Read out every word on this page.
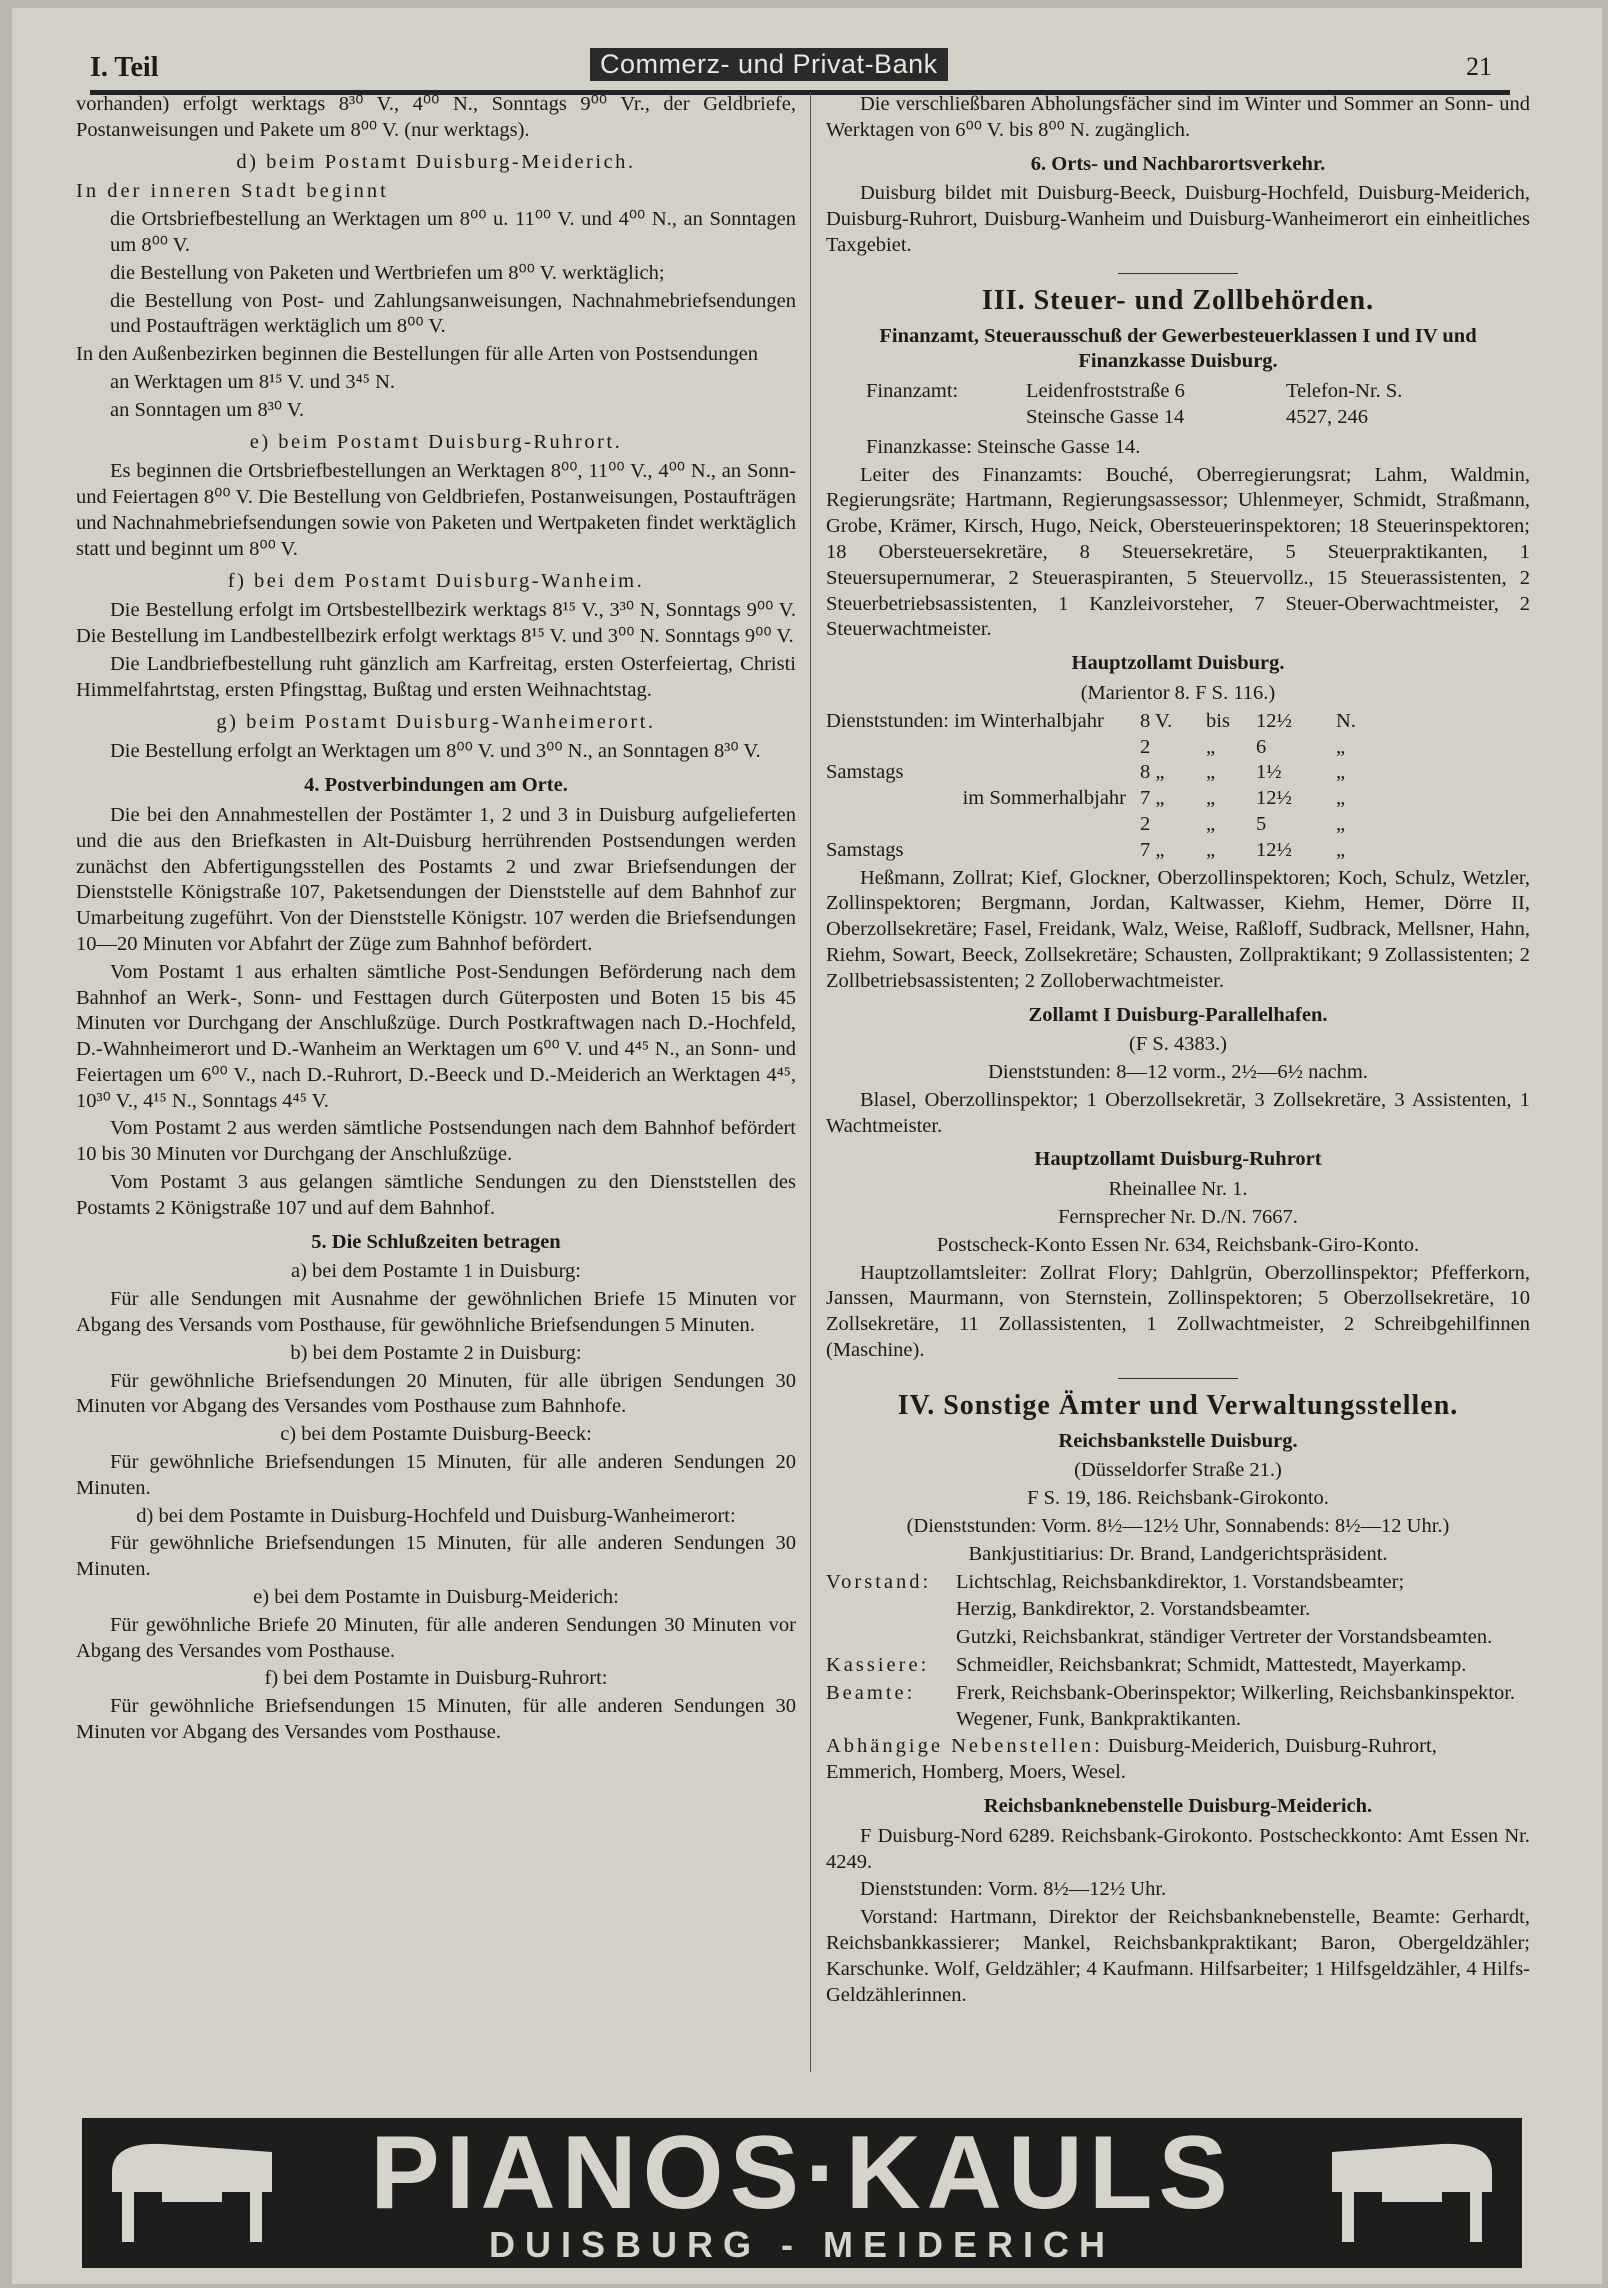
I. Teil	Commerz- und Privat-Bank	21

vorhanden) erfolgt werktags 8³⁰ V., 4⁰⁰ N., Sonntags 9⁰⁰ Vr., der Geldbriefe, Postanweisungen und Pakete um 8⁰⁰ V. (nur werktags).

d) beim Postamt Duisburg-Meiderich.

In der inneren Stadt beginnt

die Ortsbriefbestellung an Werktagen um 8⁰⁰ u. 11⁰⁰ V. und 4⁰⁰ N., an Sonntagen um 8⁰⁰ V.

die Bestellung von Paketen und Wertbriefen um 8⁰⁰ V. werktäglich;

die Bestellung von Post- und Zahlungsanweisungen, Nachnahmebriefsendungen und Postaufträgen werktäglich um 8⁰⁰ V.

In den Außenbezirken beginnen die Bestellungen für alle Arten von Postsendungen

an Werktagen um 8¹⁵ V. und 3⁴⁵ N.

an Sonntagen um 8³⁰ V.

e) beim Postamt Duisburg-Ruhrort.

Es beginnen die Ortsbriefbestellungen an Werktagen 8⁰⁰, 11⁰⁰ V., 4⁰⁰ N., an Sonn- und Feiertagen 8⁰⁰ V. Die Bestellung von Geldbriefen, Postanweisungen, Postaufträgen und Nachnahmebriefsendungen sowie von Paketen und Wertpaketen findet werktäglich statt und beginnt um 8⁰⁰ V.

f) bei dem Postamt Duisburg-Wanheim.

Die Bestellung erfolgt im Ortsbestellbezirk werktags 8¹⁵ V., 3³⁰ N, Sonntags 9⁰⁰ V. Die Bestellung im Landbestellbezirk erfolgt werktags 8¹⁵ V. und 3⁰⁰ N. Sonntags 9⁰⁰ V.

Die Landbriefbestellung ruht gänzlich am Karfreitag, ersten Osterfeiertag, Christi Himmelfahrtstag, ersten Pfingsttag, Bußtag und ersten Weihnachtstag.

g) beim Postamt Duisburg-Wanheimerort.

Die Bestellung erfolgt an Werktagen um 8⁰⁰ V. und 3⁰⁰ N., an Sonntagen 8³⁰ V.

4. Postverbindungen am Orte.

Die bei den Annahmestellen der Postämter 1, 2 und 3 in Duisburg aufgelieferten und die aus den Briefkasten in Alt-Duisburg herrührenden Postsendungen werden zunächst den Abfertigungsstellen des Postamts 2 und zwar Briefsendungen der Dienststelle Königstraße 107, Paketsendungen der Dienststelle auf dem Bahnhof zur Umarbeitung zugeführt. Von der Dienststelle Königstr. 107 werden die Briefsendungen 10—20 Minuten vor Abfahrt der Züge zum Bahnhof befördert.

Vom Postamt 1 aus erhalten sämtliche Post-Sendungen Beförderung nach dem Bahnhof an Werk-, Sonn- und Festtagen durch Güterposten und Boten 15 bis 45 Minuten vor Durchgang der Anschlußzüge. Durch Postkraftwagen nach D.-Hochfeld, D.-Wahnheimerort und D.-Wanheim an Werktagen um 6⁰⁰ V. und 4⁴⁵ N., an Sonn- und Feiertagen um 6⁰⁰ V., nach D.-Ruhrort, D.-Beeck und D.-Meiderich an Werktagen 4⁴⁵, 10³⁰ V., 4¹⁵ N., Sonntags 4⁴⁵ V.

Vom Postamt 2 aus werden sämtliche Postsendungen nach dem Bahnhof befördert 10 bis 30 Minuten vor Durchgang der Anschlußzüge.

Vom Postamt 3 aus gelangen sämtliche Sendungen zu den Dienststellen des Postamts 2 Königstraße 107 und auf dem Bahnhof.

5. Die Schlußzeiten betragen

a) bei dem Postamte 1 in Duisburg:

Für alle Sendungen mit Ausnahme der gewöhnlichen Briefe 15 Minuten vor Abgang des Versands vom Posthause, für gewöhnliche Briefsendungen 5 Minuten.

b) bei dem Postamte 2 in Duisburg:

Für gewöhnliche Briefsendungen 20 Minuten, für alle übrigen Sendungen 30 Minuten vor Abgang des Versandes vom Posthause zum Bahnhofe.

c) bei dem Postamte Duisburg-Beeck:

Für gewöhnliche Briefsendungen 15 Minuten, für alle anderen Sendungen 20 Minuten.

d) bei dem Postamte in Duisburg-Hochfeld und Duisburg-Wanheimerort:

Für gewöhnliche Briefsendungen 15 Minuten, für alle anderen Sendungen 30 Minuten.

e) bei dem Postamte in Duisburg-Meiderich:

Für gewöhnliche Briefe 20 Minuten, für alle anderen Sendungen 30 Minuten vor Abgang des Versandes vom Posthause.

f) bei dem Postamte in Duisburg-Ruhrort:

Für gewöhnliche Briefsendungen 15 Minuten, für alle anderen Sendungen 30 Minuten vor Abgang des Versandes vom Posthause.

Die verschließbaren Abholungsfächer sind im Winter und Sommer an Sonn- und Werktagen von 6⁰⁰ V. bis 8⁰⁰ N. zugänglich.

6. Orts- und Nachbarortsverkehr.

Duisburg bildet mit Duisburg-Beeck, Duisburg-Hochfeld, Duisburg-Meiderich, Duisburg-Ruhrort, Duisburg-Wanheim und Duisburg-Wanheimerort ein einheitliches Taxgebiet.

III. Steuer- und Zollbehörden.

Finanzamt, Steuerausschuß der Gewerbesteuerklassen I und IV und Finanzkasse Duisburg.

Finanzamt:	Leidenfroststraße 6	Telefon-Nr. S.
Steinsche Gasse 14	4527, 246

Finanzkasse: Steinsche Gasse 14.

Leiter des Finanzamts: Bouché, Oberregierungsrat; Lahm, Waldmin, Regierungsräte; Hartmann, Regierungsassessor; Uhlenmeyer, Schmidt, Straßmann, Grobe, Krämer, Kirsch, Hugo, Neick, Obersteuerinspektoren; 18 Steuerinspektoren; 18 Obersteuersekretäre, 8 Steuersekretäre, 5 Steuerpraktikanten, 1 Steuersupernumerar, 2 Steueraspiranten, 5 Steuervollz., 15 Steuerassistenten, 2 Steuerbetriebsassistenten, 1 Kanzleivorsteher, 7 Steuer-Oberwachtmeister, 2 Steuerwachtmeister.

Hauptzollamt Duisburg.

(Marientor 8. F S. 116.)

Dienststunden: im Winterhalbjahr	8 V.	bis	12½	N.
2	„	6	„
Samstags	8 „	„	1½	„
im Sommerhalbjahr 7 „	„	12½	„
2	„	5	„
Samstags	7 „	„	12½	„

Heßmann, Zollrat; Kief, Glockner, Oberzollinspektoren; Koch, Schulz, Wetzler, Zollinspektoren; Bergmann, Jordan, Kaltwasser, Kiehm, Hemer, Dörre II, Oberzollsekretäre; Fasel, Freidank, Walz, Weise, Raßloff, Sudbrack, Mellsner, Hahn, Riehm, Sowart, Beeck, Zollsekretäre; Schausten, Zollpraktikant; 9 Zollassistenten; 2 Zollbetriebsassistenten; 2 Zolloberwachtmeister.

Zollamt I Duisburg-Parallelhafen.

(F S. 4383.)

Dienststunden: 8—12 vorm., 2½—6½ nachm.

Blasel, Oberzollinspektor; 1 Oberzollsekretär, 3 Zollsekretäre, 3 Assistenten, 1 Wachtmeister.

Hauptzollamt Duisburg-Ruhrort

Rheinallee Nr. 1.

Fernsprecher Nr. D./N. 7667.

Postscheck-Konto Essen Nr. 634, Reichsbank-Giro-Konto.

Hauptzollamtsleiter: Zollrat Flory; Dahlgrün, Oberzollinspektor; Pfefferkorn, Janssen, Maurmann, von Sternstein, Zollinspektoren; 5 Oberzollsekretäre, 10 Zollsekretäre, 11 Zollassistenten, 1 Zollwachtmeister, 2 Schreibgehilfinnen (Maschine).

IV. Sonstige Ämter und Verwaltungsstellen.

Reichsbankstelle Duisburg.

(Düsseldorfer Straße 21.)

F S. 19, 186. Reichsbank-Girokonto.

(Dienststunden: Vorm. 8½—12½ Uhr, Sonnabends: 8½—12 Uhr.)

Bankjustitiarius: Dr. Brand, Landgerichtspräsident.

Vorstand:	Lichtschlag, Reichsbankdirektor, 1. Vorstandsbeamter;

Herzig, Bankdirektor, 2. Vorstandsbeamter.

Gutzki, Reichsbankrat, ständiger Vertreter der Vorstandsbeamten.

Kassiere:	Schmeidler, Reichsbankrat; Schmidt, Mattestedt, Mayerkamp.

Beamte:	Frerk, Reichsbank-Oberinspektor; Wilkerling, Reichsbankinspektor. Wegener, Funk, Bankpraktikanten.

Abhängige Nebenstellen: Duisburg-Meiderich, Duisburg-Ruhrort, Emmerich, Homberg, Moers, Wesel.

Reichsbanknebenstelle Duisburg-Meiderich.

F Duisburg-Nord 6289. Reichsbank-Girokonto. Postscheckkonto: Amt Essen Nr. 4249.

Dienststunden: Vorm. 8½—12½ Uhr.

Vorstand: Hartmann, Direktor der Reichsbanknebenstelle, Beamte: Gerhardt, Reichsbankkassierer; Mankel, Reichsbankpraktikant; Baron, Obergeldzähler; Karschunke. Wolf, Geldzähler; 4 Kaufmann. Hilfsarbeiter; 1 Hilfsgeldzähler, 4 Hilfs-Geldzählerinnen.

PIANOS·KAULS
DUISBURG - MEIDERICH
